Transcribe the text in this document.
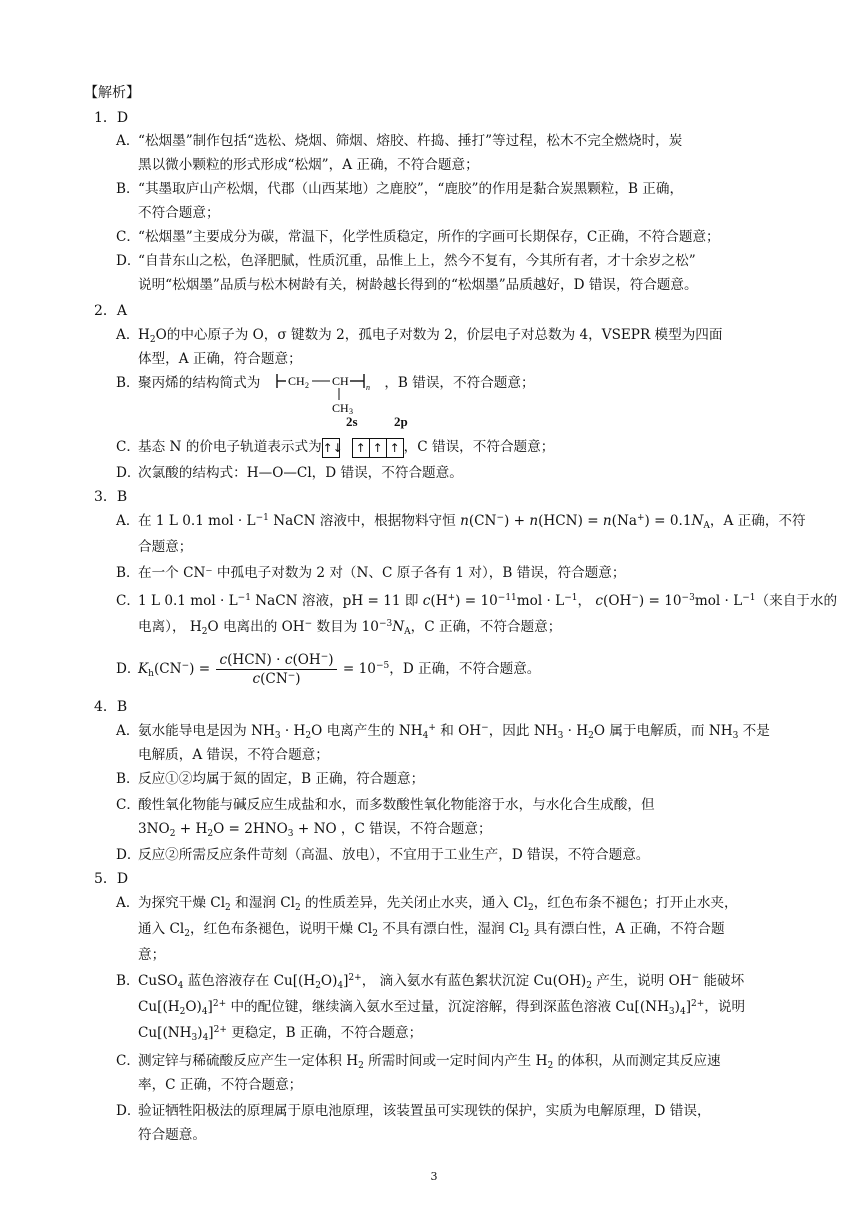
【解析】
1．D
A．“松烟墨”制作包括“选松、烧烟、筛烟、熔胶、杵捣、捶打”等过程，松木不完全燃烧时，炭
黑以微小颗粒的形式形成“松烟”，A 正确，不符合题意；
B．“其墨取庐山产松烟，代郡（山西某地）之鹿胶”，“鹿胶”的作用是黏合炭黑颗粒，B 正确，
不符合题意；
C．“松烟墨”主要成分为碳，常温下，化学性质稳定，所作的字画可长期保存，C正确，不符合题意；
D．“自昔东山之松，色泽肥腻，性质沉重，品惟上上，然今不复有，今其所有者，才十余岁之松”
说明“松烟墨”品质与松木树龄有关，树龄越长得到的“松烟墨”品质越好，D 错误，符合题意。
2．A
A．$H_2O$的中心原子为 O，σ 键数为 2，孤电子对数为 2，价层电子对总数为 4，VSEPR 模型为四面
体型，A 正确，符合题意；
B．聚丙烯的结构简式为	，B 错误，不符合题意；
CH 2 CH n
CH 3
2s	2p
C．基态 N 的价电子轨道表示式为↑↓ ↑ ↑ ↑ ，C 错误，不符合题意；
D．次氯酸的结构式：H—O—Cl，D 错误，不符合题意。
3．B
A．在 1 L 0.1 mol · $L^{-1}$ NaCN 溶液中，根据物料守恒 $n(CN^-) + n(HCN) = n(Na^+) = 0.1N_A$，A 正确，不符
合题意；
B．在一个 CN⁻ 中孤电子对数为 2 对（N、C 原子各有 1 对），B 错误，符合题意；
C．1 L 0.1 mol · $L^{-1}$ NaCN 溶液，pH = 11 即 $c(H^+) = 10^{-11}mol \cdot L^{-1}$， $c(OH^-) = 10^{-3}mol \cdot L^{-1}$（来自于水的
电离）， $H_2O$ 电离出的 OH− 数目为 $10^{-3}N_A$，C 正确，不符合题意；
D．$K_h(CN^-) = \frac{c(HCN) \cdot c(OH^-)}{c(CN^-)} = 10^{-5}$，D 正确，不符合题意。
4．B
A．氨水能导电是因为 $NH_3 \cdot H_2O$ 电离产生的 $NH_4^+$ 和 OH−，因此 $NH_3 \cdot H_2O$ 属于电解质，而 $NH_3$ 不是
电解质，A 错误，不符合题意；
B．反应①②均属于氮的固定，B 正确，符合题意；
C．酸性氧化物能与碱反应生成盐和水，而多数酸性氧化物能溶于水，与水化合生成酸，但
$3NO_2 + H_2O = 2HNO_3$ + NO ，C 错误，不符合题意；
D．反应②所需反应条件苛刻（高温、放电），不宜用于工业生产，D 错误，不符合题意。
5．D
A．为探究干燥 $Cl_2$ 和湿润 $Cl_2$ 的性质差异，先关闭止水夹，通入 $Cl_2$，红色布条不褪色；打开止水夹，
通入 $Cl_2$，红色布条褪色，说明干燥 $Cl_2$ 不具有漂白性，湿润 $Cl_2$ 具有漂白性，A 正确，不符合题
意；
B．CuSO$_4$ 蓝色溶液存在 $Cu[(H_2O)_4]^{2+}$， 滴入氨水有蓝色絮状沉淀 $Cu(OH)_2$ 产生，说明 OH− 能破坏
$Cu[(H_2O)_4]^{2+}$ 中的配位键，继续滴入氨水至过量，沉淀溶解，得到深蓝色溶液 $Cu[(NH_3)_4]^{2+}$，说明
$Cu[(NH_3)_4]^{2+}$ 更稳定，B 正确，不符合题意；
C．测定锌与稀硫酸反应产生一定体积 $H_2$ 所需时间或一定时间内产生 $H_2$ 的体积，从而测定其反应速
率，C 正确，不符合题意；
D．验证牺牲阳极法的原理属于原电池原理，该装置虽可实现铁的保护，实质为电解原理，D 错误，
符合题意。
3
